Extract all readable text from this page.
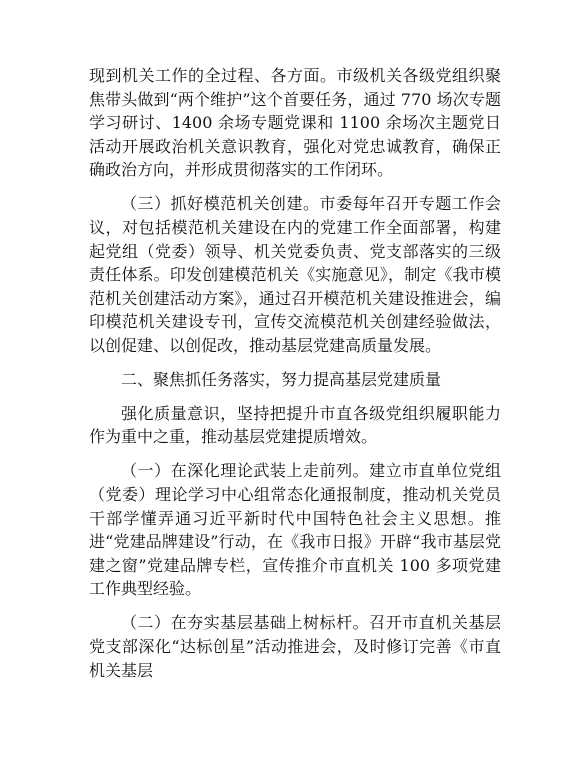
现到机关工作的全过程、各方面。市级机关各级党组织聚焦带头做到“两个维护”这个首要任务，通过 770 场次专题学习研讨、1400 余场专题党课和 1100 余场次主题党日活动开展政治机关意识教育，强化对党忠诚教育，确保正确政治方向，并形成贯彻落实的工作闭环。

（三）抓好模范机关创建。市委每年召开专题工作会议，对包括模范机关建设在内的党建工作全面部署，构建起党组（党委）领导、机关党委负责、党支部落实的三级责任体系。印发创建模范机关《实施意见》，制定《我市模范机关创建活动方案》，通过召开模范机关建设推进会，编印模范机关建设专刊，宣传交流模范机关创建经验做法，以创促建、以创促改，推动基层党建高质量发展。

二、聚焦抓任务落实，努力提高基层党建质量

强化质量意识，坚持把提升市直各级党组织履职能力作为重中之重，推动基层党建提质增效。

（一）在深化理论武装上走前列。建立市直单位党组（党委）理论学习中心组常态化通报制度，推动机关党员干部学懂弄通习近平新时代中国特色社会主义思想。推进“党建品牌建设”行动，在《我市日报》开辟“我市基层党建之窗”党建品牌专栏，宣传推介市直机关 100 多项党建工作典型经验。

（二）在夯实基层基础上树标杆。召开市直机关基层党支部深化“达标创星”活动推进会，及时修订完善《市直机关基层
